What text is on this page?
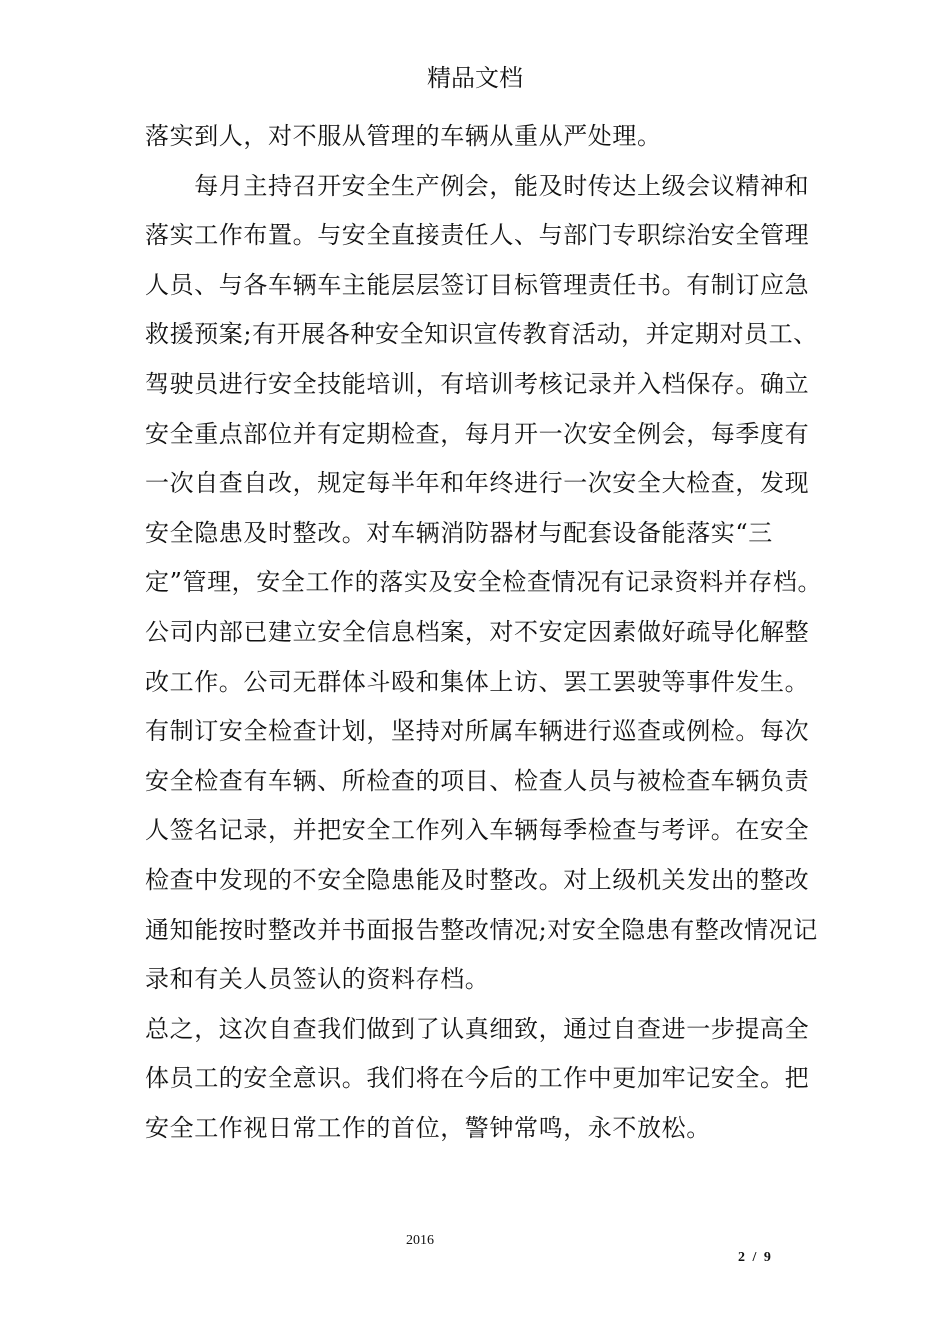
精品文档

落实到人，对不服从管理的车辆从重从严处理。

　　每月主持召开安全生产例会，能及时传达上级会议精神和落实工作布置。与安全直接责任人、与部门专职综治安全管理人员、与各车辆车主能层层签订目标管理责任书。有制订应急救援预案;有开展各种安全知识宣传教育活动，并定期对员工、驾驶员进行安全技能培训，有培训考核记录并入档保存。确立安全重点部位并有定期检查，每月开一次安全例会，每季度有一次自查自改，规定每半年和年终进行一次安全大检查，发现安全隐患及时整改。对车辆消防器材与配套设备能落实“三定”管理，安全工作的落实及安全检查情况有记录资料并存档。公司内部已建立安全信息档案，对不安定因素做好疏导化解整改工作。公司无群体斗殴和集体上访、罢工罢驶等事件发生。有制订安全检查计划，坚持对所属车辆进行巡查或例检。每次安全检查有车辆、所检查的项目、检查人员与被检查车辆负责人签名记录，并把安全工作列入车辆每季检查与考评。在安全检查中发现的不安全隐患能及时整改。对上级机关发出的整改通知能按时整改并书面报告整改情况;对安全隐患有整改情况记录和有关人员签认的资料存档。

总之，这次自查我们做到了认真细致，通过自查进一步提高全体员工的安全意识。我们将在今后的工作中更加牢记安全。把安全工作视日常工作的首位，警钟常鸣，永不放松。

2016
2 / 9
